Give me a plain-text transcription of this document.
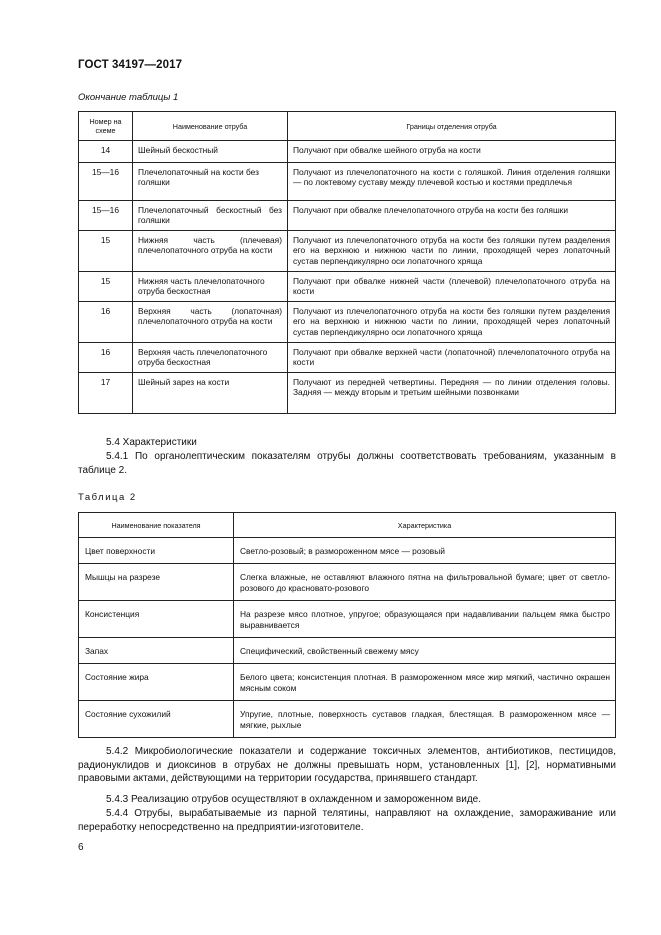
ГОСТ 34197—2017
Окончание таблицы 1
Номер на схеме	Наименование отруба	Границы отделения отруба
14	Шейный бескостный	Получают при обвалке шейного отруба на кости
15—16	Плечелопаточный на кости без голяшки	Получают из плечелопаточного на кости с голяшкой. Линия отделения голяшки — по локтевому суставу между плечевой костью и костями предплечья
15—16	Плечелопаточный бескостный без голяшки	Получают при обвалке плечелопаточного отруба на кости без голяшки
15	Нижняя часть (плечевая) плечелопаточного отруба на кости	Получают из плечелопаточного отруба на кости без голяшки путем разделения его на верхнюю и нижнюю части по линии, проходящей через лопаточный сустав перпендикулярно оси лопаточного хряща
15	Нижняя часть плечелопаточного отруба бескостная	Получают при обвалке нижней части (плечевой) плечелопаточного отруба на кости
16	Верхняя часть (лопаточная) плечелопаточного отруба на кости	Получают из плечелопаточного отруба на кости без голяшки путем разделения его на верхнюю и нижнюю части по линии, проходящей через лопаточный сустав перпендикулярно оси лопаточного хряща
16	Верхняя часть плечелопаточного отруба бескостная	Получают при обвалке верхней части (лопаточной) плечелопаточного отруба на кости
17	Шейный зарез на кости	Получают из передней четвертины. Передняя — по линии отделения головы. Задняя — между вторым и третьим шейными позвонками
5.4 Характеристики
5.4.1 По органолептическим показателям отрубы должны соответствовать требованиям, указанным в таблице 2.
Таблица 2
Наименование показателя	Характеристика
Цвет поверхности	Светло-розовый; в размороженном мясе — розовый
Мышцы на разрезе	Слегка влажные, не оставляют влажного пятна на фильтровальной бумаге; цвет от светло-розового до красновато-розового
Консистенция	На разрезе мясо плотное, упругое; образующаяся при надавливании пальцем ямка быстро выравнивается
Запах	Специфический, свойственный свежему мясу
Состояние жира	Белого цвета; консистенция плотная. В размороженном мясе жир мягкий, частично окрашен мясным соком
Состояние сухожилий	Упругие, плотные, поверхность суставов гладкая, блестящая. В размороженном мясе — мягкие, рыхлые
5.4.2 Микробиологические показатели и содержание токсичных элементов, антибиотиков, пестицидов, радионуклидов и диоксинов в отрубах не должны превышать норм, установленных [1], [2], нормативными правовыми актами, действующими на территории государства, принявшего стандарт.
5.4.3 Реализацию отрубов осуществляют в охлажденном и замороженном виде.
5.4.4 Отрубы, вырабатываемые из парной телятины, направляют на охлаждение, замораживание или переработку непосредственно на предприятии-изготовителе.
6
